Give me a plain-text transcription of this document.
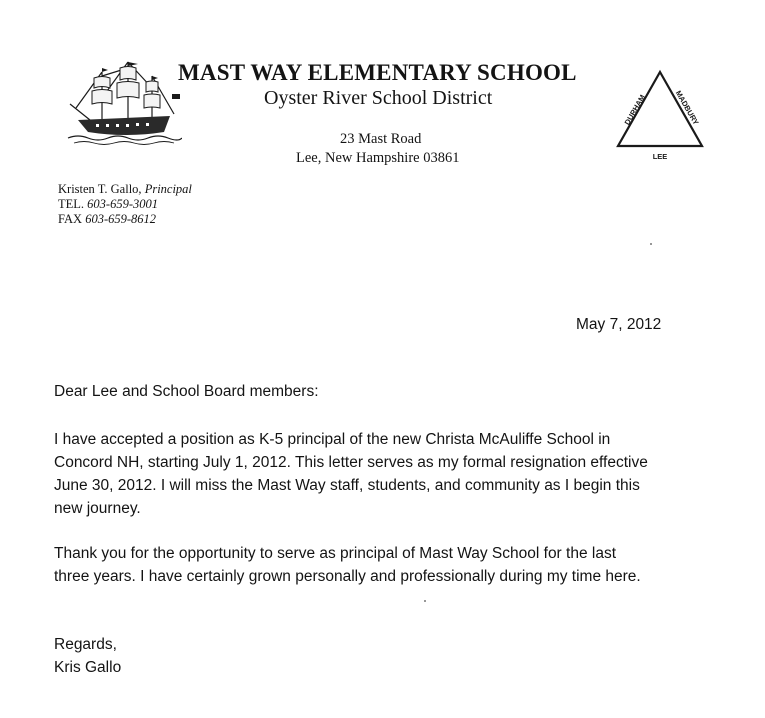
MAST WAY ELEMENTARY SCHOOL
Oyster River School District
23 Mast Road
Lee, New Hampshire 03861
DURHAM	MADBURY
LEE
Kristen T. Gallo, Principal
TEL. 603-659-3001
FAX 603-659-8612
May 7, 2012
Dear Lee and School Board members:
I have accepted a position as K-5 principal of the new Christa McAuliffe School in
Concord NH, starting July 1, 2012. This letter serves as my formal resignation effective
June 30, 2012. I will miss the Mast Way staff, students, and community as I begin this
new journey.
Thank you for the opportunity to serve as principal of Mast Way School for the last
three years. I have certainly grown personally and professionally during my time here.
Regards,
Kris Gallo
